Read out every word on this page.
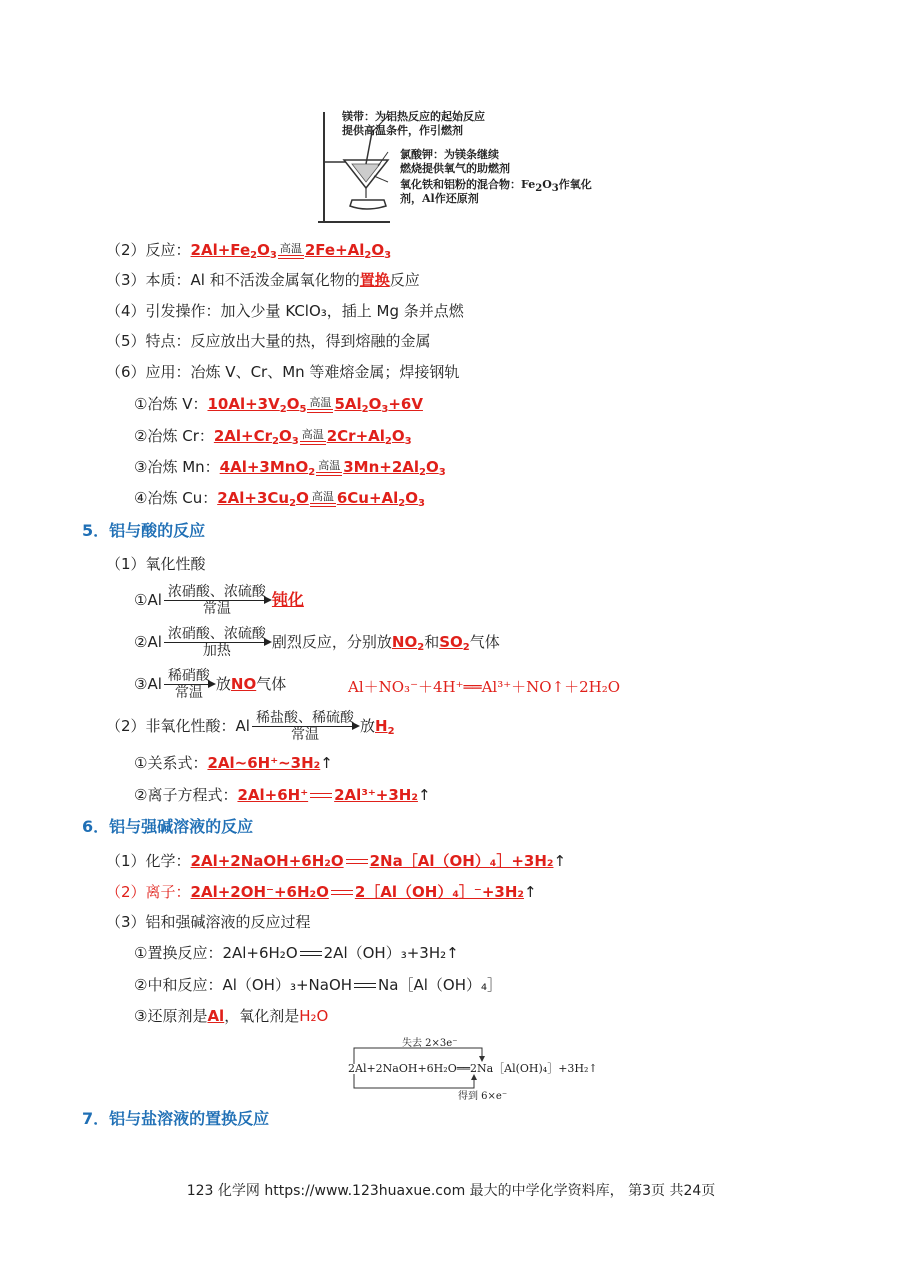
镁带：为铝热反应的起始反应
提供高温条件，作引燃剂
氯酸钾：为镁条继续
燃烧提供氧气的助燃剂
氧化铁和铝粉的混合物：$Fe_2O_3$作氧化
剂，Al作还原剂
（2）反应：$2Al+Fe_2O_3$
高温 $2Fe+Al_2O_3$
（3）本质：Al 和不活泼金属氧化物的置换反应
（4）引发操作：加入少量 KClO₃，插上 Mg 条并点燃
（5）特点：反应放出大量的热，得到熔融的金属
（6）应用：冶炼 V、Cr、Mn 等难熔金属；焊接钢轨
①冶炼 V：$10Al+3V_2O_5$
高温 $5Al_2O_3+6V$
②冶炼 Cr：$2Al+Cr_2O_3$
高温 $2Cr+Al_2O_3$
③冶炼 Mn：4Al+3MnO$_2$
高温 $3Mn+2Al_2O_3$
④冶炼 Cu：$2Al+3Cu_2O$ 高温 $6Cu+Al_2O_3$
5．铝与酸的反应
（1）氧化性酸
①Al 浓硝酸、浓硫酸
常温	钝化
②Al 浓硝酸、浓硫酸
加热	剧烈反应，分别放$NO_2$和$SO_2$气体
③Al 稀硝酸
常温 放NO气体	Al＋NO₃⁻＋4H⁺══Al³⁺＋NO↑＋2H₂O
（2）非氧化性酸：Al 稀盐酸、稀硫酸
常温	放$H_2$
①关系式：2Al~6H⁺~3H₂↑
②离子方程式：2Al+6H⁺ 2Al³⁺+3H₂↑
6．铝与强碱溶液的反应
（1）化学：2Al+2NaOH+6H₂O 2Na［Al（OH）₄］+3H₂↑
（2）离子：2Al+2OH⁻+6H₂O 2［Al（OH）₄］⁻+3H₂↑
（3）铝和强碱溶液的反应过程
①置换反应：2Al+6H₂O 2Al（OH）₃+3H₂↑
②中和反应：Al（OH）₃+NaOH Na［Al（OH）₄］
③还原剂是Al，氧化剂是H₂O
失去 2×3e⁻
2Al+2NaOH+6H₂O══2Na［Al(OH)₄］+3H₂↑
得到 6×e⁻
7．铝与盐溶液的置换反应
123 化学网 https://www.123huaxue.com 最大的中学化学资料库， 第3页 共24页
